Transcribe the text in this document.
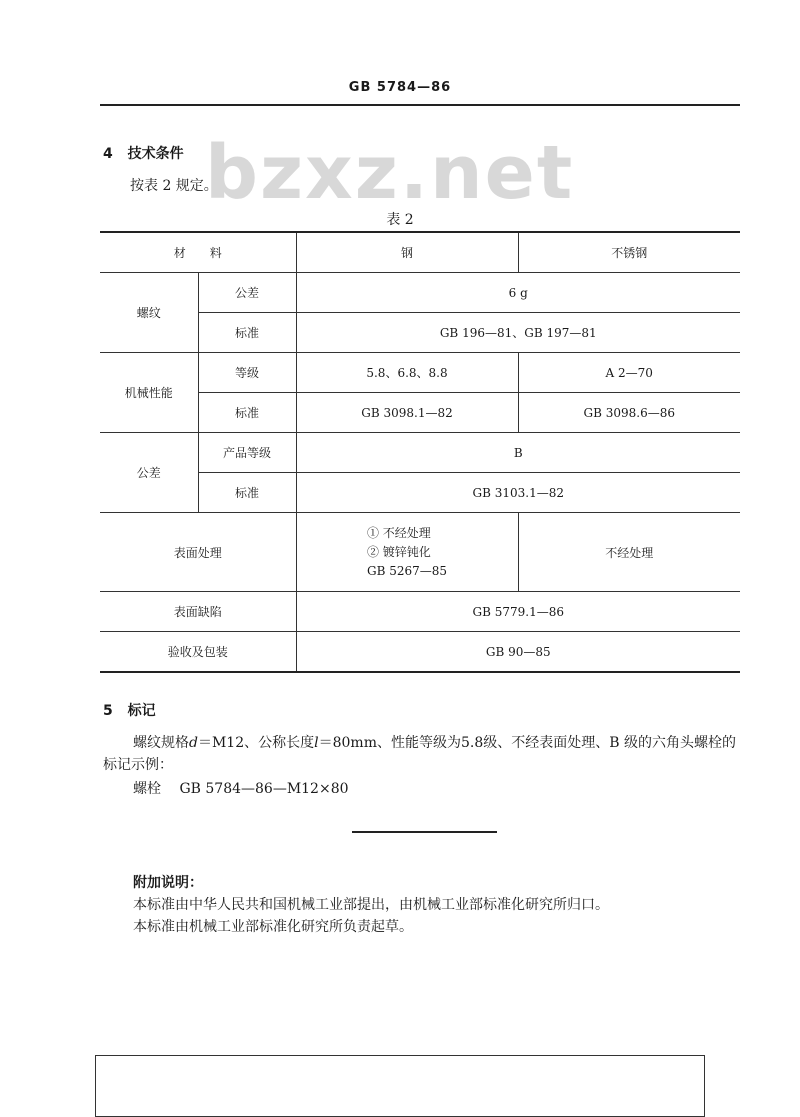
GB 5784—86
bzxz.net
4 技术条件
按表 2 规定。
表 2
材　　料		钢	不锈钢
螺纹	公差	6 g	
	标准	GB 196—81、GB 197—81	
机械性能	等级	5.8、6.8、8.8	A 2—70
	标准	GB 3098.1—82	GB 3098.6—86
公差	产品等级	B	
	标准	GB 3103.1—82	
表面处理		① 不经处理
② 镀锌钝化
GB 5267—85	不经处理
表面缺陷		GB 5779.1—86	
验收及包装		GB 90—85	
5 标记
螺纹规格d＝M12、公称长度l＝80mm、性能等级为5.8级、不经表面处理、B 级的六角头螺栓的标记示例：
螺栓 GB 5784—86—M12×80
附加说明：
本标准由中华人民共和国机械工业部提出，由机械工业部标准化研究所归口。
本标准由机械工业部标准化研究所负责起草。
